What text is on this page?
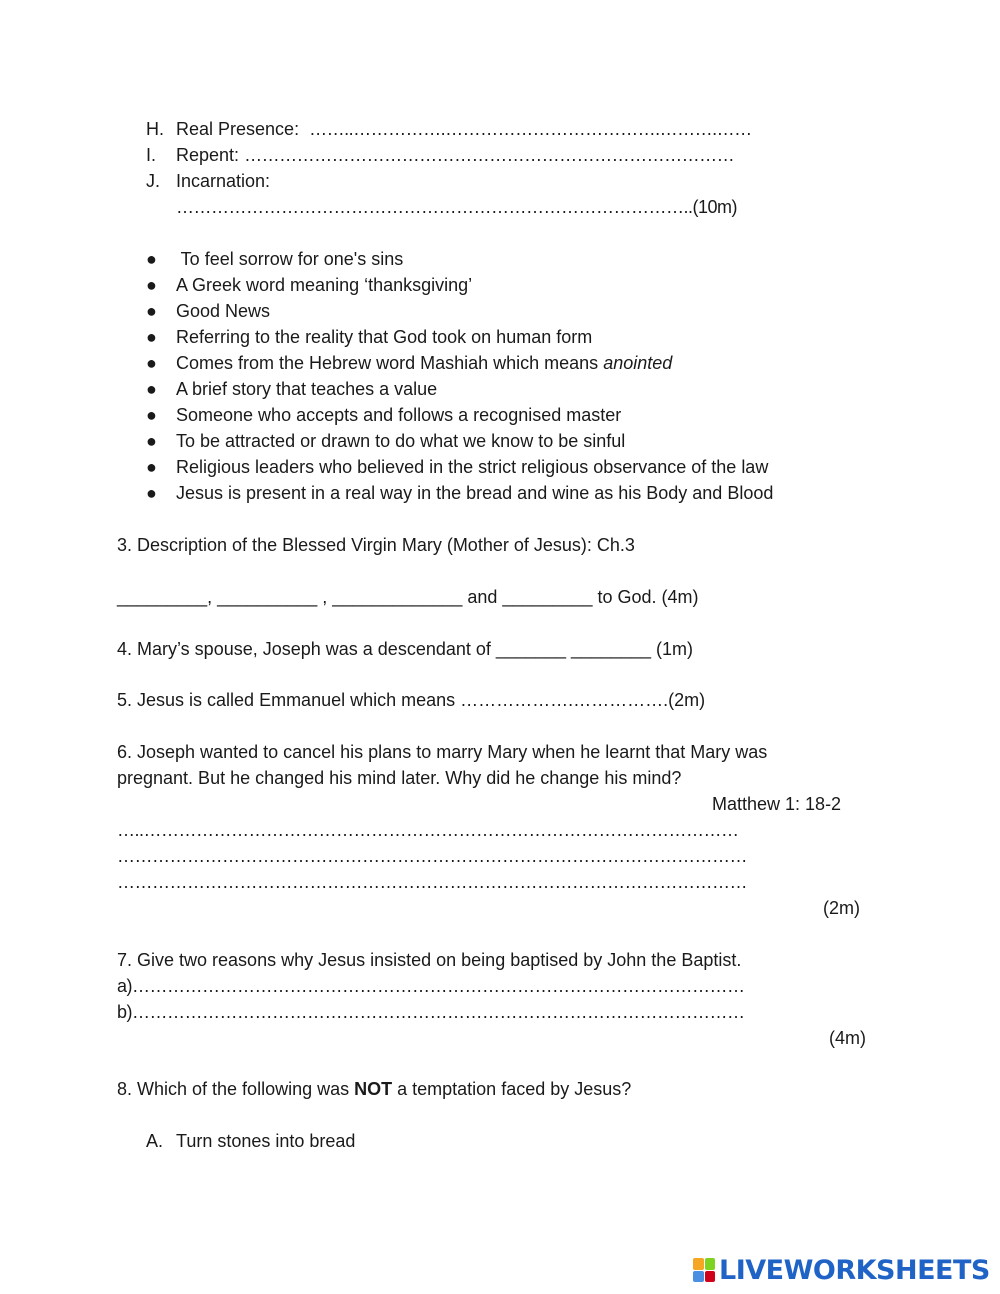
H. Real Presence: ……..…………….……………………………….……….……
I. Repent: …………………………………………………………………………
J. Incarnation:
……………………………………………………………………………..(10m)
● To feel sorrow for one's sins
● A Greek word meaning ‘thanksgiving’
● Good News
● Referring to the reality that God took on human form
● Comes from the Hebrew word Mashiah which means anointed
● A brief story that teaches a value
● Someone who accepts and follows a recognised master
● To be attracted or drawn to do what we know to be sinful
● Religious leaders who believed in the strict religious observance of the law
● Jesus is present in a real way in the bread and wine as his Body and Blood
3. Description of the Blessed Virgin Mary (Mother of Jesus): Ch.3
_________, __________ , _____________ and _________ to God. (4m)
4. Mary’s spouse, Joseph was a descendant of _______ ________ (1m)
5. Jesus is called Emmanuel which means ……………….…………….(2m)
6. Joseph wanted to cancel his plans to marry Mary when he learnt that Mary was
pregnant. But he changed his mind later. Why did he change his mind?
Matthew 1: 18-2
…..…………………………………………………………………………………………
………………………………………………………………………………………………
………………………………………………………………………………………………
(2m)
7. Give two reasons why Jesus insisted on being baptised by John the Baptist.
a)……………………………………………………………………………………………
b)……………………………………………………………………………………………
(4m)
8. Which of the following was NOT a temptation faced by Jesus?
A. Turn stones into bread
LIVEWORKSHEETS
